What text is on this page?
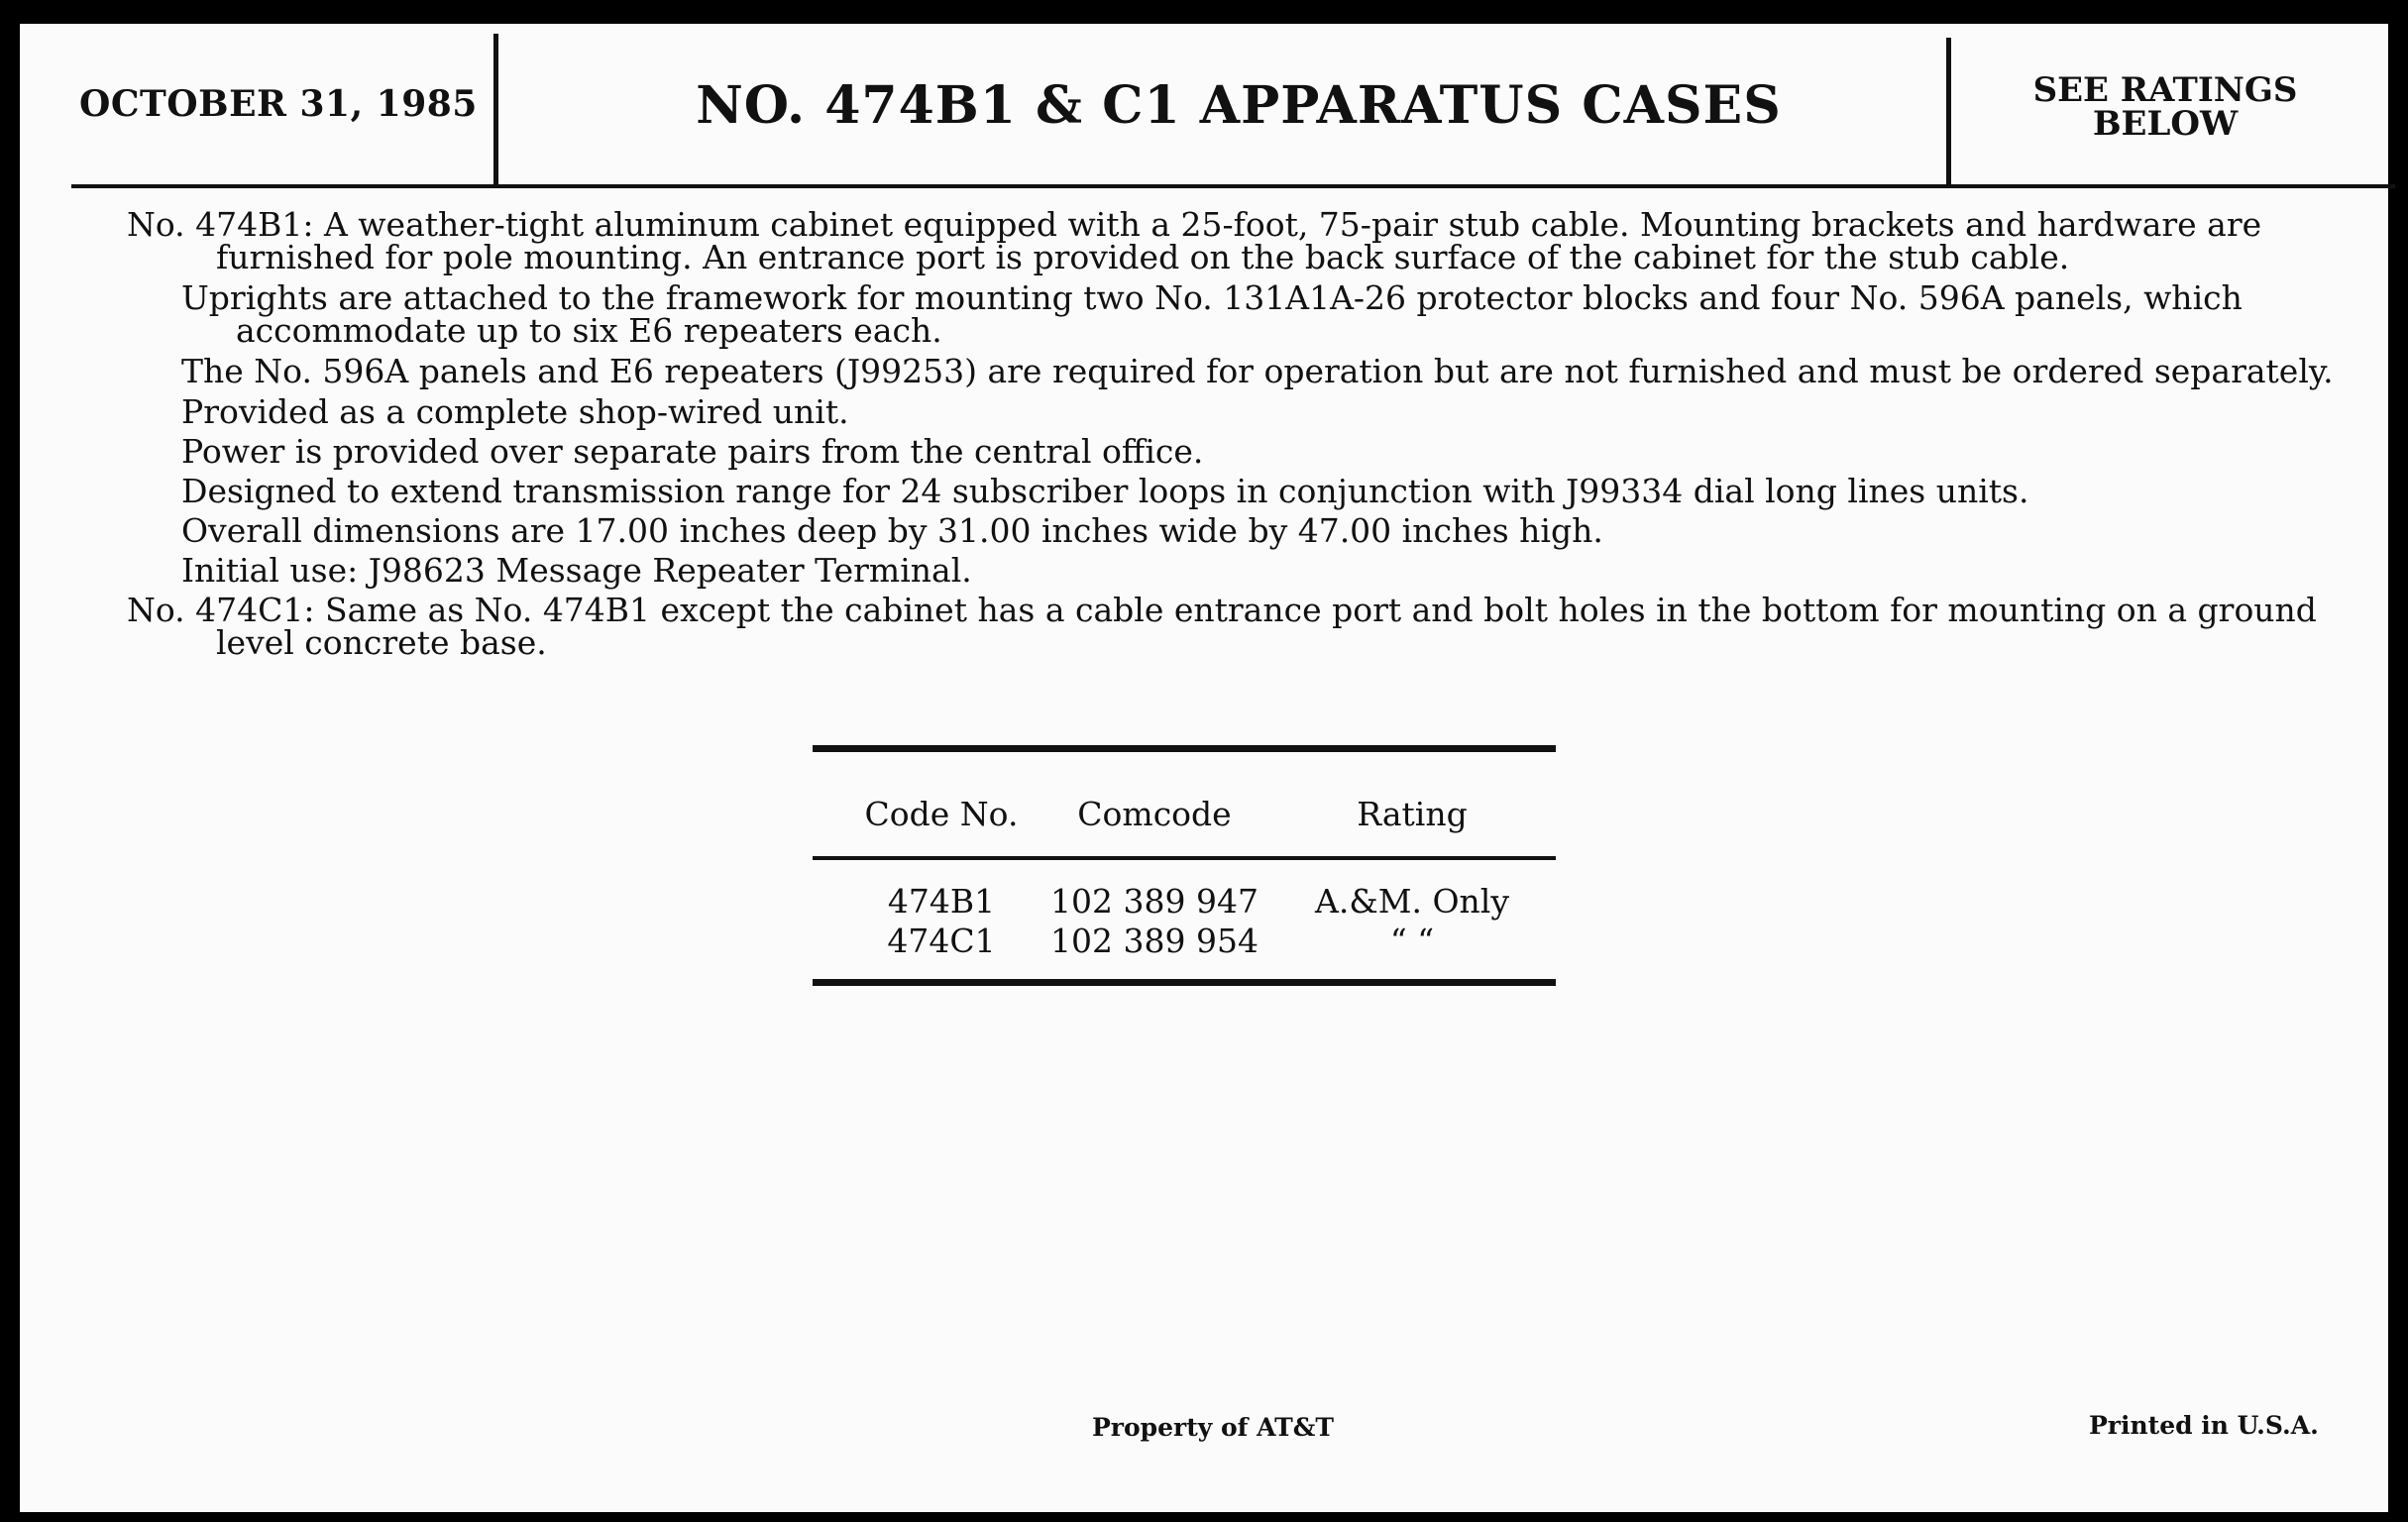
OCTOBER 31, 1985	NO. 474B1 & C1 APPARATUS CASES	SEE RATINGS
BELOW

No. 474B1: A weather-tight aluminum cabinet equipped with a 25-foot, 75-pair stub cable. Mounting brackets and hardware are furnished for pole mounting. An entrance port is provided on the back surface of the cabinet for the stub cable.

Uprights are attached to the framework for mounting two No. 131A1A-26 protector blocks and four No. 596A panels, which accommodate up to six E6 repeaters each.

The No. 596A panels and E6 repeaters (J99253) are required for operation but are not furnished and must be ordered separately.

Provided as a complete shop-wired unit.

Power is provided over separate pairs from the central office.

Designed to extend transmission range for 24 subscriber loops in conjunction with J99334 dial long lines units.

Overall dimensions are 17.00 inches deep by 31.00 inches wide by 47.00 inches high.

Initial use: J98623 Message Repeater Terminal.

No. 474C1: Same as No. 474B1 except the cabinet has a cable entrance port and bolt holes in the bottom for mounting on a ground level concrete base.

Code No.	Comcode	Rating
474B1	102 389 947	A.&M. Only
474C1	102 389 954	“ “
Property of AT&T	Printed in U.S.A.
